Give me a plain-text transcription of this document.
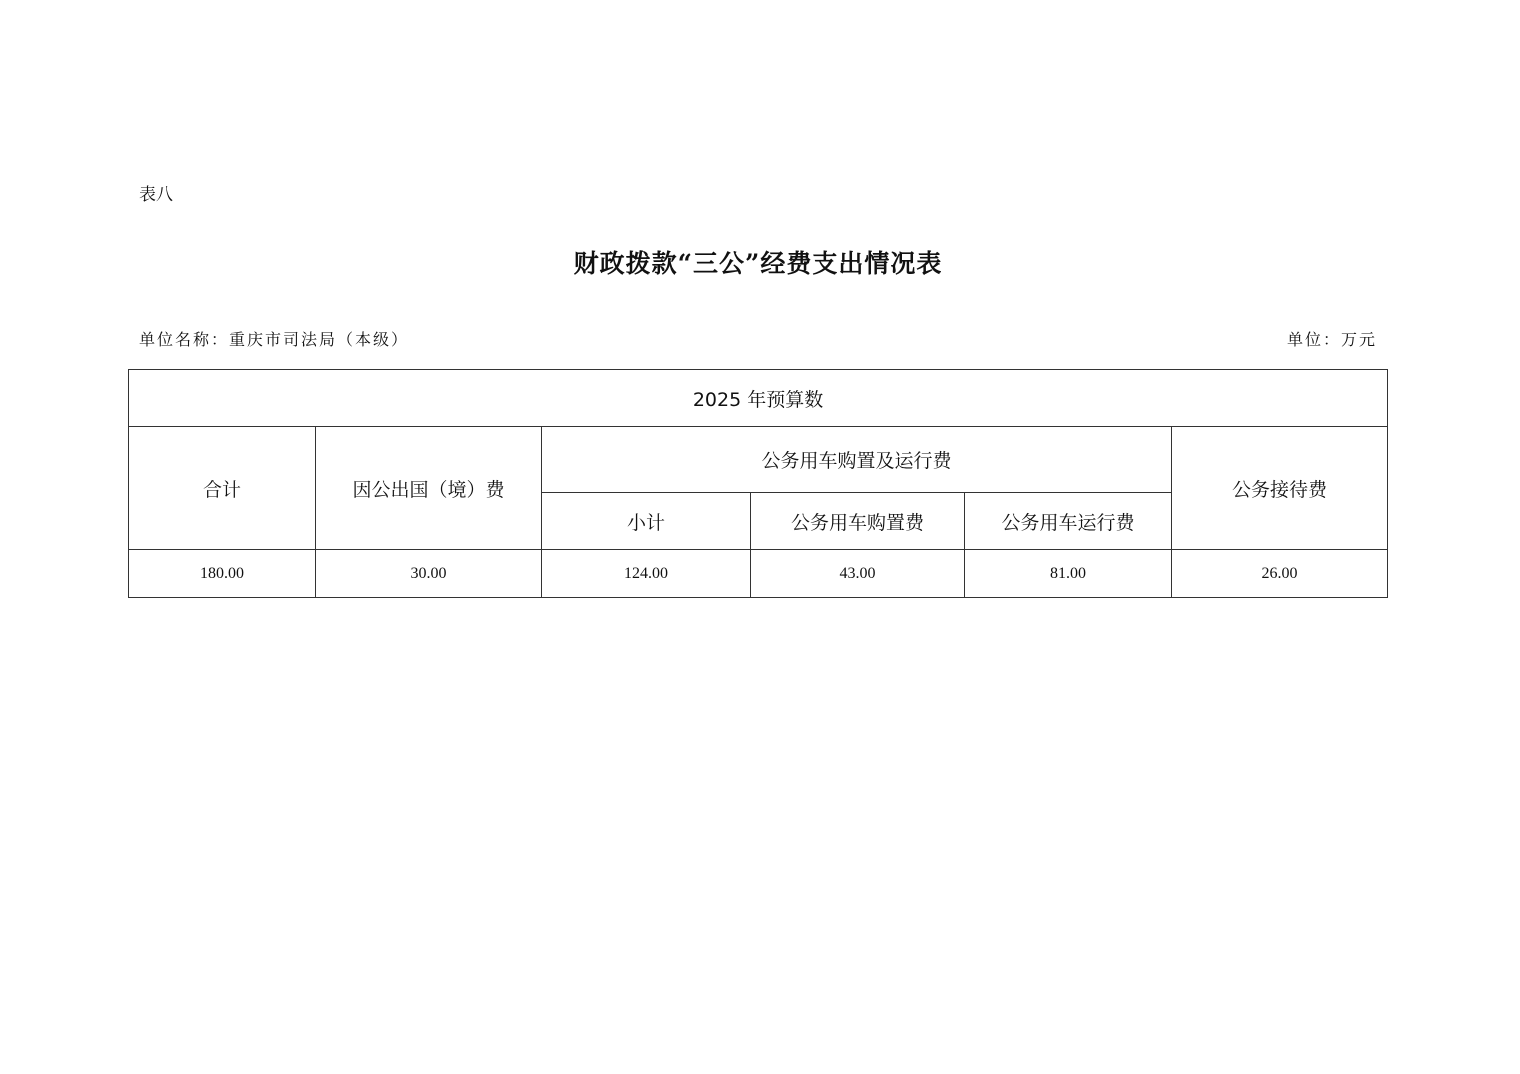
表八
财政拨款“三公”经费支出情况表
单位名称：重庆市司法局（本级）	单位：万元
2025 年预算数					
合计	因公出国（境）费	公务用车购置及运行费			公务接待费
		小计	公务用车购置费	公务用车运行费	
180.00	30.00	124.00	43.00	81.00	26.00
